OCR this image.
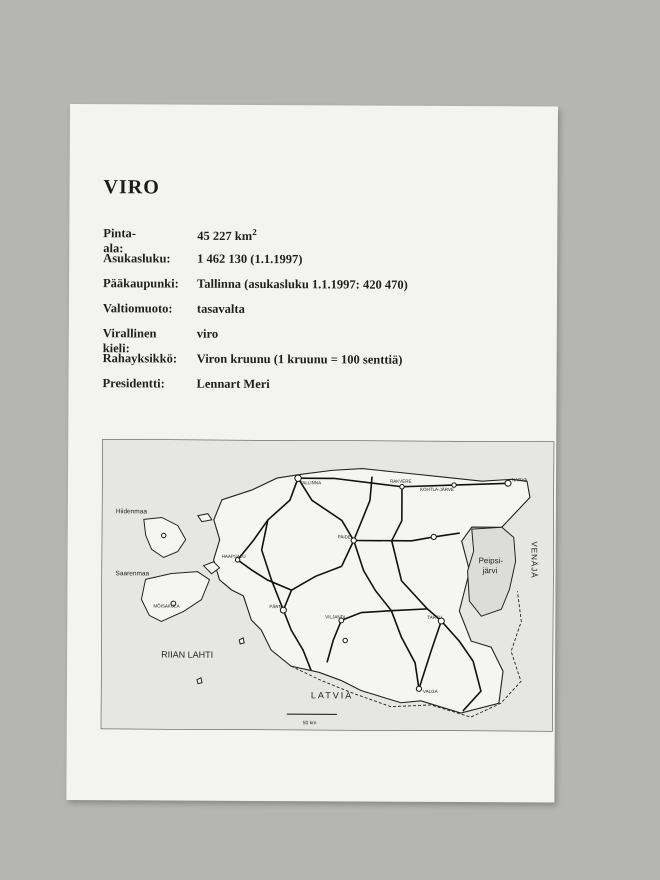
VIRO
Pinta-ala:
45 227 $km^2$
Asukasluku: 1 462 130 (1.1.1997)
Pääkaupunki: Tallinna (asukasluku 1.1.1997: 420 470)
Valtiomuoto: tasavalta
Virallinen kieli:
viro
Rahayksikkö: Viron kruunu (1 kruunu = 100 senttiä)
Presidentti:	Lennart Meri
RIIAN LAHTI
LATVIA
VENÄJÄ
Peipsi-
järvi
Hiidenmaa
Saarenmaa
TALLINNA	RAKVERE
KOHTLA-JÄRVE
NARVA
PAIDE
TARTU
PÄRNU
VILJANDI
VALGA
HAAPSALU
MÕISAKÜLA
50 km
